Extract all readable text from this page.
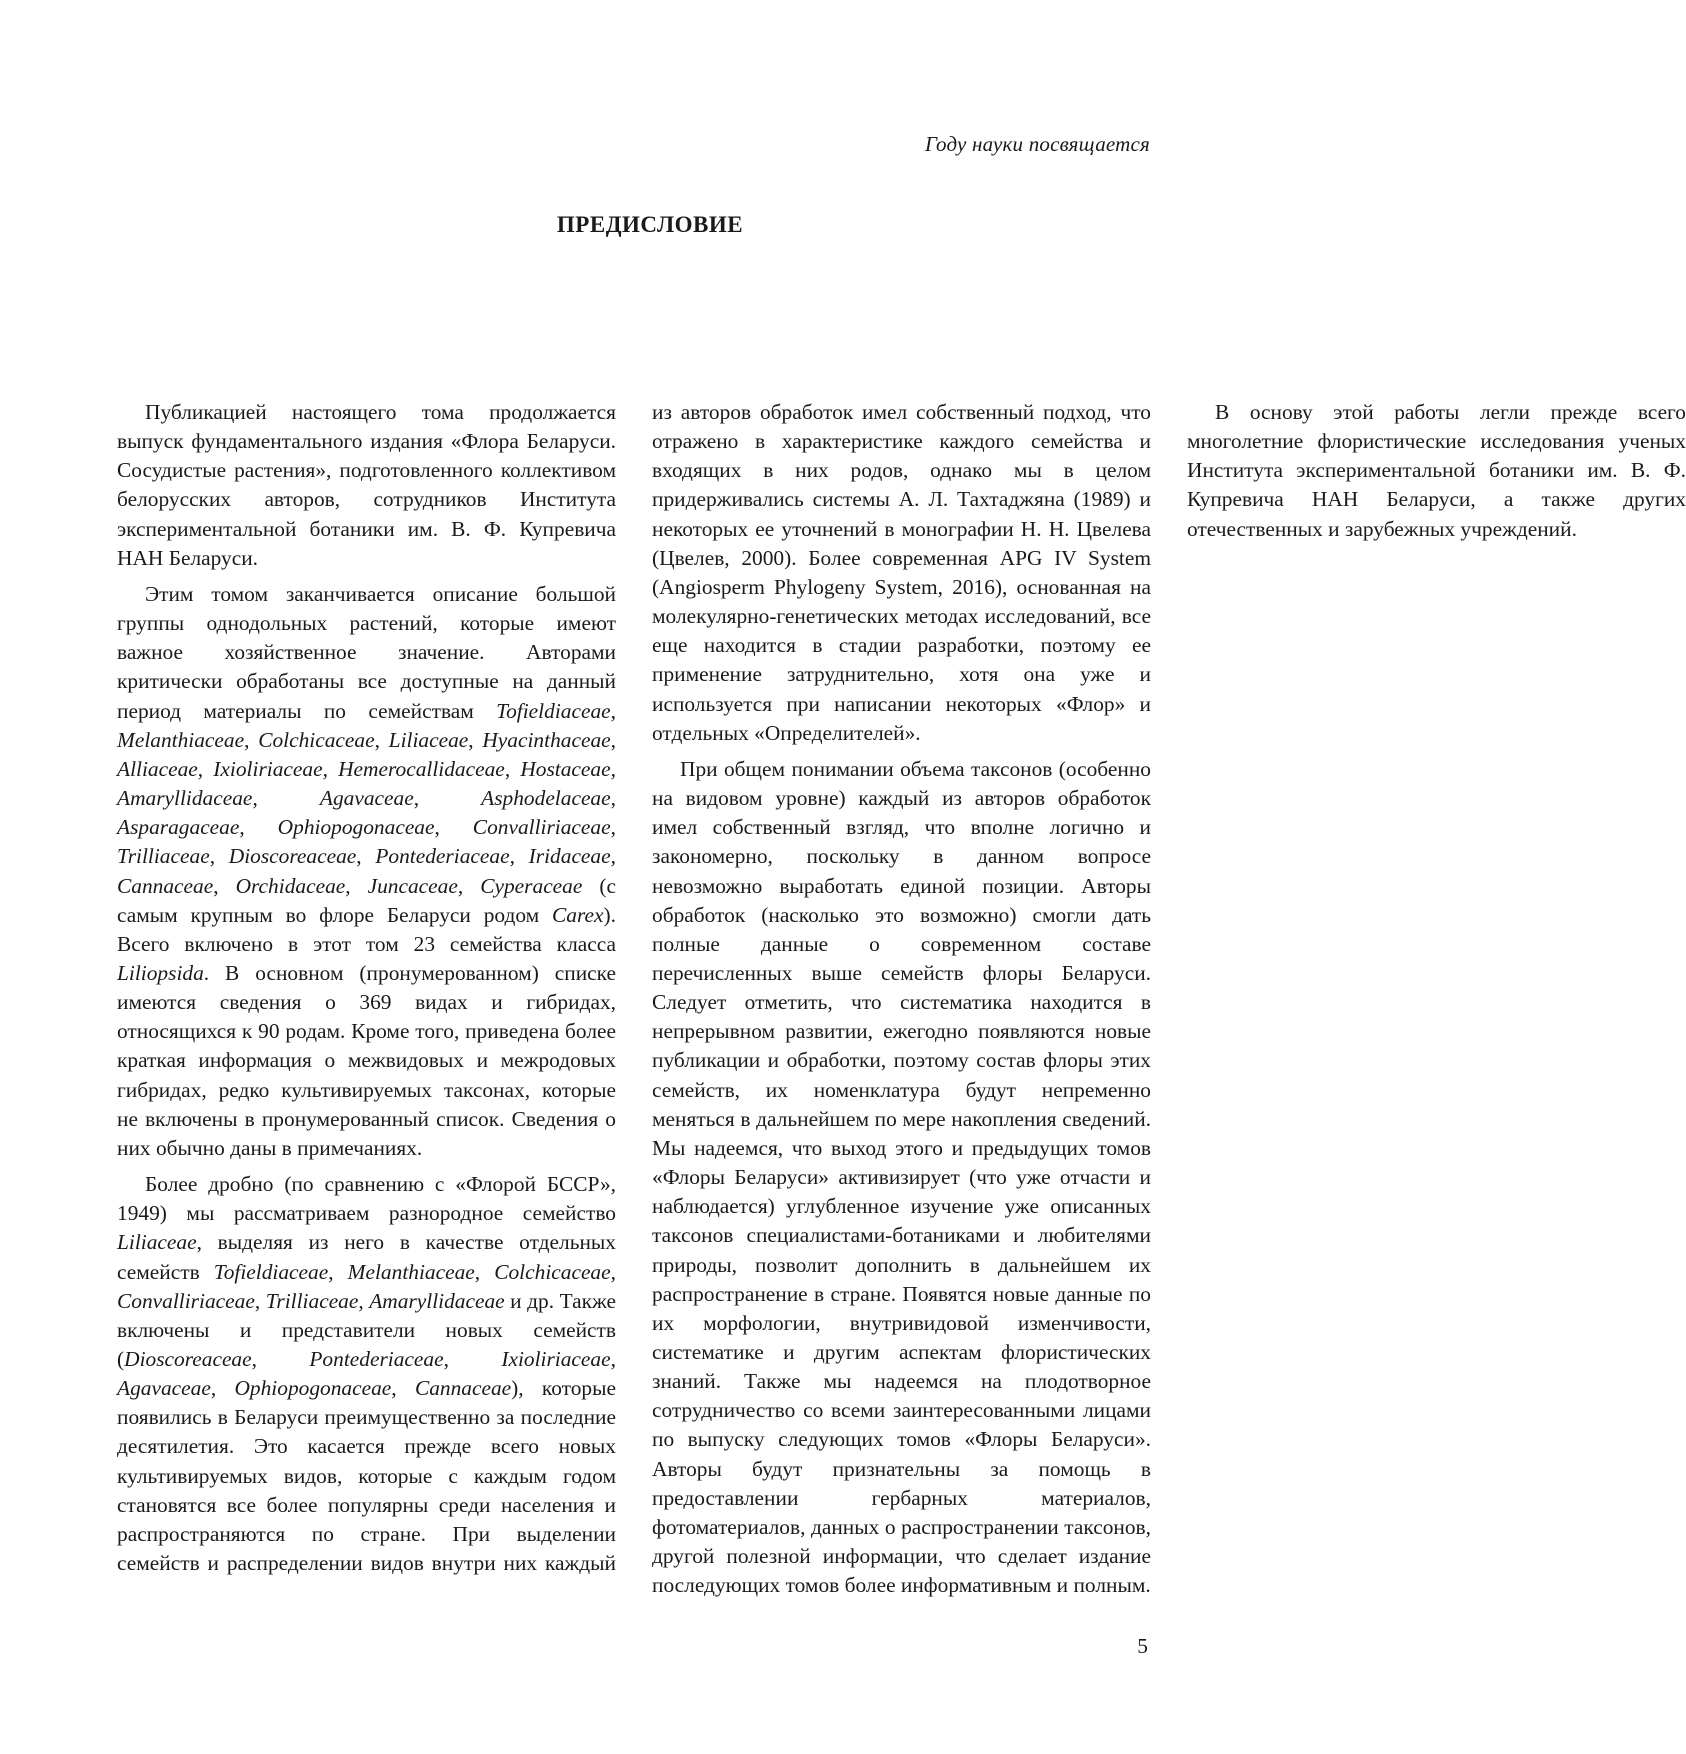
Году науки посвящается
ПРЕДИСЛОВИЕ

Публикацией настоящего тома продолжается выпуск фундаментального издания «Флора Беларуси. Сосудистые растения», подготовленного коллективом белорусских авторов, сотрудников Института экспериментальной ботаники им. В. Ф. Купревича НАН Беларуси.

Этим томом заканчивается описание большой группы однодольных растений, которые имеют важное хозяйственное значение. Авторами критически обработаны все доступные на данный период материалы по семействам Tofieldiaceae, Melanthiaceae, Colchicaceae, Liliaceae, Hyacinthaceae, Alliaceae, Ixioliriaceae, Hemerocallidaceae, Hostaceae, Amaryllidaceae, Agavaceae, Asphodelaceae, Asparagaceae, Ophiopogonaceae, Convalliriaceae, Trilliaceae, Dioscoreaceae, Pontederiaceae, Iridaceae, Cannaceae, Orchidaceae, Juncaceae, Cyperaceae (с самым крупным во флоре Беларуси родом Carex). Всего включено в этот том 23 семейства класса Liliopsida. В основном (пронумерованном) списке имеются сведения о 369 видах и гибридах, относящихся к 90 родам. Кроме того, приведена более краткая информация о межвидовых и межродовых гибридах, редко культивируемых таксонах, которые не включены в пронумерованный список. Сведения о них обычно даны в примечаниях.

Более дробно (по сравнению с «Флорой БССР», 1949) мы рассматриваем разнородное семейство Liliaceae, выделяя из него в качестве отдельных семейств Tofieldiaceae, Melanthiaceae, Colchicaceae, Convalliriaceae, Trilliaceae, Amaryllidaceae и др. Также включены и представители новых семейств (Dioscoreaceae, Pontederiaceae, Ixioliriaceae, Agavaceae, Ophiopogonaceae, Cannaceae), которые появились в Беларуси преимущественно за последние десятилетия. Это касается прежде всего новых культивируемых видов, которые с каждым годом становятся все более популярны среди населения и распространяются по стране. При выделении семейств и распределении видов внутри них каждый из авторов обработок имел собственный подход, что отражено в характеристике каждого семейства и входящих в них родов, однако мы в целом придерживались системы А. Л. Тахтаджяна (1989) и некоторых ее уточнений в монографии Н. Н. Цвелева (Цвелев, 2000). Более современная APG IV System (Angiosperm Phylogeny System, 2016), основанная на молекулярно-генетических методах исследований, все еще находится в стадии разработки, поэтому ее применение затруднительно, хотя она уже и используется при написании некоторых «Флор» и отдельных «Определителей».

При общем понимании объема таксонов (особенно на видовом уровне) каждый из авторов обработок имел собственный взгляд, что вполне логично и закономерно, поскольку в данном вопросе невозможно выработать единой позиции. Авторы обработок (насколько это возможно) смогли дать полные данные о современном составе перечисленных выше семейств флоры Беларуси. Следует отметить, что систематика находится в непрерывном развитии, ежегодно появляются новые публикации и обработки, поэтому состав флоры этих семейств, их номенклатура будут непременно меняться в дальнейшем по мере накопления сведений. Мы надеемся, что выход этого и предыдущих томов «Флоры Беларуси» активизирует (что уже отчасти и наблюдается) углубленное изучение уже описанных таксонов специалистами-ботаниками и любителями природы, позволит дополнить в дальнейшем их распространение в стране. Появятся новые данные по их морфологии, внутривидовой изменчивости, систематике и другим аспектам флористических знаний. Также мы надеемся на плодотворное сотрудничество со всеми заинтересованными лицами по выпуску следующих томов «Флоры Беларуси». Авторы будут признательны за помощь в предоставлении гербарных материалов, фотоматериалов, данных о распространении таксонов, другой полезной информации, что сделает издание последующих томов более информативным и полным.

В основу этой работы легли прежде всего многолетние флористические исследования ученых Института экспериментальной ботаники им. В. Ф. Купревича НАН Беларуси, а также других отечественных и зарубежных учреждений.

5
